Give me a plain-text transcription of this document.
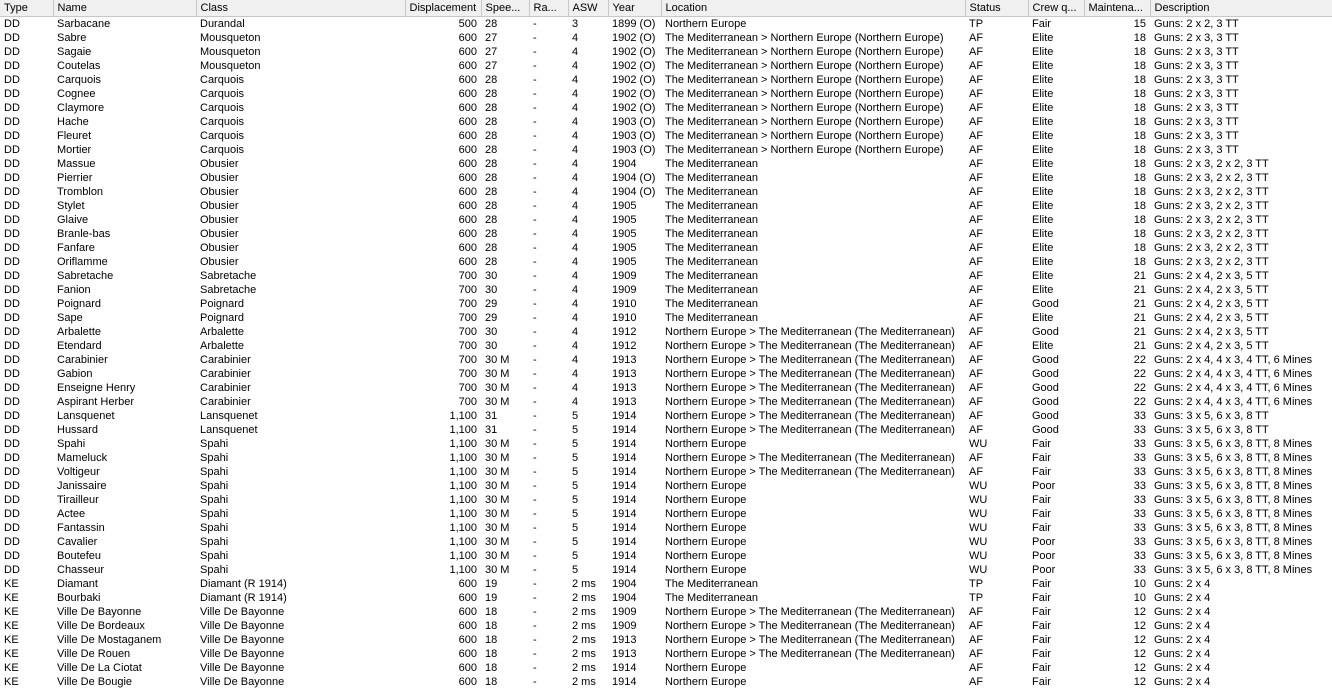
Type	Name	Class	Displacement	Spee...	Ra...	ASW	Year	Location	Status	Crew q...	Maintena...	Description
DD	Sarbacane	Durandal	500	28	-	3	1899 (O)	Northern Europe	TP	Fair	15	Guns: 2 x 2, 3 TT
DD	Sabre	Mousqueton	600	27	-	4	1902 (O)	The Mediterranean > Northern Europe (Northern Europe)	AF	Elite	18	Guns: 2 x 3, 3 TT
DD	Sagaie	Mousqueton	600	27	-	4	1902 (O)	The Mediterranean > Northern Europe (Northern Europe)	AF	Elite	18	Guns: 2 x 3, 3 TT
DD	Coutelas	Mousqueton	600	27	-	4	1902 (O)	The Mediterranean > Northern Europe (Northern Europe)	AF	Elite	18	Guns: 2 x 3, 3 TT
DD	Carquois	Carquois	600	28	-	4	1902 (O)	The Mediterranean > Northern Europe (Northern Europe)	AF	Elite	18	Guns: 2 x 3, 3 TT
DD	Cognee	Carquois	600	28	-	4	1902 (O)	The Mediterranean > Northern Europe (Northern Europe)	AF	Elite	18	Guns: 2 x 3, 3 TT
DD	Claymore	Carquois	600	28	-	4	1902 (O)	The Mediterranean > Northern Europe (Northern Europe)	AF	Elite	18	Guns: 2 x 3, 3 TT
DD	Hache	Carquois	600	28	-	4	1903 (O)	The Mediterranean > Northern Europe (Northern Europe)	AF	Elite	18	Guns: 2 x 3, 3 TT
DD	Fleuret	Carquois	600	28	-	4	1903 (O)	The Mediterranean > Northern Europe (Northern Europe)	AF	Elite	18	Guns: 2 x 3, 3 TT
DD	Mortier	Carquois	600	28	-	4	1903 (O)	The Mediterranean > Northern Europe (Northern Europe)	AF	Elite	18	Guns: 2 x 3, 3 TT
DD	Massue	Obusier	600	28	-	4	1904	The Mediterranean	AF	Elite	18	Guns: 2 x 3, 2 x 2, 3 TT
DD	Pierrier	Obusier	600	28	-	4	1904 (O)	The Mediterranean	AF	Elite	18	Guns: 2 x 3, 2 x 2, 3 TT
DD	Tromblon	Obusier	600	28	-	4	1904 (O)	The Mediterranean	AF	Elite	18	Guns: 2 x 3, 2 x 2, 3 TT
DD	Stylet	Obusier	600	28	-	4	1905	The Mediterranean	AF	Elite	18	Guns: 2 x 3, 2 x 2, 3 TT
DD	Glaive	Obusier	600	28	-	4	1905	The Mediterranean	AF	Elite	18	Guns: 2 x 3, 2 x 2, 3 TT
DD	Branle-bas	Obusier	600	28	-	4	1905	The Mediterranean	AF	Elite	18	Guns: 2 x 3, 2 x 2, 3 TT
DD	Fanfare	Obusier	600	28	-	4	1905	The Mediterranean	AF	Elite	18	Guns: 2 x 3, 2 x 2, 3 TT
DD	Oriflamme	Obusier	600	28	-	4	1905	The Mediterranean	AF	Elite	18	Guns: 2 x 3, 2 x 2, 3 TT
DD	Sabretache	Sabretache	700	30	-	4	1909	The Mediterranean	AF	Elite	21	Guns: 2 x 4, 2 x 3, 5 TT
DD	Fanion	Sabretache	700	30	-	4	1909	The Mediterranean	AF	Elite	21	Guns: 2 x 4, 2 x 3, 5 TT
DD	Poignard	Poignard	700	29	-	4	1910	The Mediterranean	AF	Good	21	Guns: 2 x 4, 2 x 3, 5 TT
DD	Sape	Poignard	700	29	-	4	1910	The Mediterranean	AF	Elite	21	Guns: 2 x 4, 2 x 3, 5 TT
DD	Arbalette	Arbalette	700	30	-	4	1912	Northern Europe > The Mediterranean (The Mediterranean)	AF	Good	21	Guns: 2 x 4, 2 x 3, 5 TT
DD	Etendard	Arbalette	700	30	-	4	1912	Northern Europe > The Mediterranean (The Mediterranean)	AF	Elite	21	Guns: 2 x 4, 2 x 3, 5 TT
DD	Carabinier	Carabinier	700	30 M	-	4	1913	Northern Europe > The Mediterranean (The Mediterranean)	AF	Good	22	Guns: 2 x 4, 4 x 3, 4 TT, 6 Mines
DD	Gabion	Carabinier	700	30 M	-	4	1913	Northern Europe > The Mediterranean (The Mediterranean)	AF	Good	22	Guns: 2 x 4, 4 x 3, 4 TT, 6 Mines
DD	Enseigne Henry	Carabinier	700	30 M	-	4	1913	Northern Europe > The Mediterranean (The Mediterranean)	AF	Good	22	Guns: 2 x 4, 4 x 3, 4 TT, 6 Mines
DD	Aspirant Herber	Carabinier	700	30 M	-	4	1913	Northern Europe > The Mediterranean (The Mediterranean)	AF	Good	22	Guns: 2 x 4, 4 x 3, 4 TT, 6 Mines
DD	Lansquenet	Lansquenet	1,100	31	-	5	1914	Northern Europe > The Mediterranean (The Mediterranean)	AF	Good	33	Guns: 3 x 5, 6 x 3, 8 TT
DD	Hussard	Lansquenet	1,100	31	-	5	1914	Northern Europe > The Mediterranean (The Mediterranean)	AF	Good	33	Guns: 3 x 5, 6 x 3, 8 TT
DD	Spahi	Spahi	1,100	30 M	-	5	1914	Northern Europe	WU	Fair	33	Guns: 3 x 5, 6 x 3, 8 TT, 8 Mines
DD	Mameluck	Spahi	1,100	30 M	-	5	1914	Northern Europe > The Mediterranean (The Mediterranean)	AF	Fair	33	Guns: 3 x 5, 6 x 3, 8 TT, 8 Mines
DD	Voltigeur	Spahi	1,100	30 M	-	5	1914	Northern Europe > The Mediterranean (The Mediterranean)	AF	Fair	33	Guns: 3 x 5, 6 x 3, 8 TT, 8 Mines
DD	Janissaire	Spahi	1,100	30 M	-	5	1914	Northern Europe	WU	Poor	33	Guns: 3 x 5, 6 x 3, 8 TT, 8 Mines
DD	Tirailleur	Spahi	1,100	30 M	-	5	1914	Northern Europe	WU	Fair	33	Guns: 3 x 5, 6 x 3, 8 TT, 8 Mines
DD	Actee	Spahi	1,100	30 M	-	5	1914	Northern Europe	WU	Fair	33	Guns: 3 x 5, 6 x 3, 8 TT, 8 Mines
DD	Fantassin	Spahi	1,100	30 M	-	5	1914	Northern Europe	WU	Fair	33	Guns: 3 x 5, 6 x 3, 8 TT, 8 Mines
DD	Cavalier	Spahi	1,100	30 M	-	5	1914	Northern Europe	WU	Poor	33	Guns: 3 x 5, 6 x 3, 8 TT, 8 Mines
DD	Boutefeu	Spahi	1,100	30 M	-	5	1914	Northern Europe	WU	Poor	33	Guns: 3 x 5, 6 x 3, 8 TT, 8 Mines
DD	Chasseur	Spahi	1,100	30 M	-	5	1914	Northern Europe	WU	Poor	33	Guns: 3 x 5, 6 x 3, 8 TT, 8 Mines
KE	Diamant	Diamant (R 1914)	600	19	-	2 ms	1904	The Mediterranean	TP	Fair	10	Guns: 2 x 4
KE	Bourbaki	Diamant (R 1914)	600	19	-	2 ms	1904	The Mediterranean	TP	Fair	10	Guns: 2 x 4
KE	Ville De Bayonne	Ville De Bayonne	600	18	-	2 ms	1909	Northern Europe > The Mediterranean (The Mediterranean)	AF	Fair	12	Guns: 2 x 4
KE	Ville De Bordeaux	Ville De Bayonne	600	18	-	2 ms	1909	Northern Europe > The Mediterranean (The Mediterranean)	AF	Fair	12	Guns: 2 x 4
KE	Ville De Mostaganem	Ville De Bayonne	600	18	-	2 ms	1913	Northern Europe > The Mediterranean (The Mediterranean)	AF	Fair	12	Guns: 2 x 4
KE	Ville De Rouen	Ville De Bayonne	600	18	-	2 ms	1913	Northern Europe > The Mediterranean (The Mediterranean)	AF	Fair	12	Guns: 2 x 4
KE	Ville De La Ciotat	Ville De Bayonne	600	18	-	2 ms	1914	Northern Europe	AF	Fair	12	Guns: 2 x 4
KE	Ville De Bougie	Ville De Bayonne	600	18	-	2 ms	1914	Northern Europe	AF	Fair	12	Guns: 2 x 4
